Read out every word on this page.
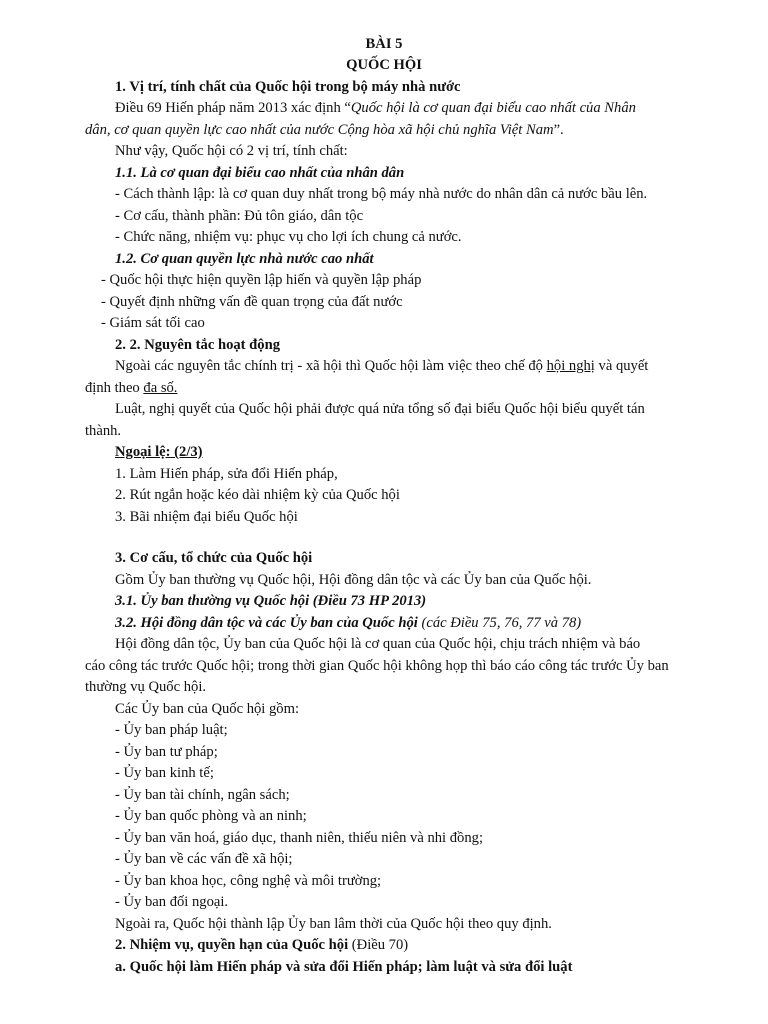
BÀI 5
QUỐC HỘI
1. Vị trí, tính chất của Quốc hội trong bộ máy nhà nước
Điều 69 Hiến pháp năm 2013 xác định “Quốc hội là cơ quan đại biểu cao nhất của Nhân
dân, cơ quan quyền lực cao nhất của nước Cộng hòa xã hội chủ nghĩa Việt Nam”.
Như vậy, Quốc hội có 2 vị trí, tính chất:
1.1. Là cơ quan đại biểu cao nhất của nhân dân
- Cách thành lập: là cơ quan duy nhất trong bộ máy nhà nước do nhân dân cả nước bầu lên.
- Cơ cấu, thành phần: Đủ tôn giáo, dân tộc
- Chức năng, nhiệm vụ: phục vụ cho lợi ích chung cả nước.
1.2. Cơ quan quyền lực nhà nước cao nhất
- Quốc hội thực hiện quyền lập hiến và quyền lập pháp
- Quyết định những vấn đề quan trọng của đất nước
- Giám sát tối cao
2. 2. Nguyên tắc hoạt động
Ngoài các nguyên tắc chính trị - xã hội thì Quốc hội làm việc theo chế độ hội nghị và quyết
định theo đa số.
Luật, nghị quyết của Quốc hội phải được quá nửa tổng số đại biểu Quốc hội biểu quyết tán
thành.
Ngoại lệ: (2/3)
1. Làm Hiến pháp, sửa đổi Hiến pháp,
2. Rút ngắn hoặc kéo dài nhiệm kỳ của Quốc hội
3. Bãi nhiệm đại biểu Quốc hội
3. Cơ cấu, tổ chức của Quốc hội
Gồm Ủy ban thường vụ Quốc hội, Hội đồng dân tộc và các Ủy ban của Quốc hội.
3.1. Ủy ban thường vụ Quốc hội (Điều 73 HP 2013)
3.2. Hội đồng dân tộc và các Ủy ban của Quốc hội (các Điều 75, 76, 77 và 78)
Hội đồng dân tộc, Ủy ban của Quốc hội là cơ quan của Quốc hội, chịu trách nhiệm và báo
cáo công tác trước Quốc hội; trong thời gian Quốc hội không họp thì báo cáo công tác trước Ủy ban
thường vụ Quốc hội.
Các Ủy ban của Quốc hội gồm:
- Ủy ban pháp luật;
- Ủy ban tư pháp;
- Ủy ban kinh tế;
- Ủy ban tài chính, ngân sách;
- Ủy ban quốc phòng và an ninh;
- Ủy ban văn hoá, giáo dục, thanh niên, thiếu niên và nhi đồng;
- Ủy ban về các vấn đề xã hội;
- Ủy ban khoa học, công nghệ và môi trường;
- Ủy ban đối ngoại.
Ngoài ra, Quốc hội thành lập Ủy ban lâm thời của Quốc hội theo quy định.
2. Nhiệm vụ, quyền hạn của Quốc hội (Điều 70)
a. Quốc hội làm Hiến pháp và sửa đổi Hiến pháp; làm luật và sửa đổi luật
